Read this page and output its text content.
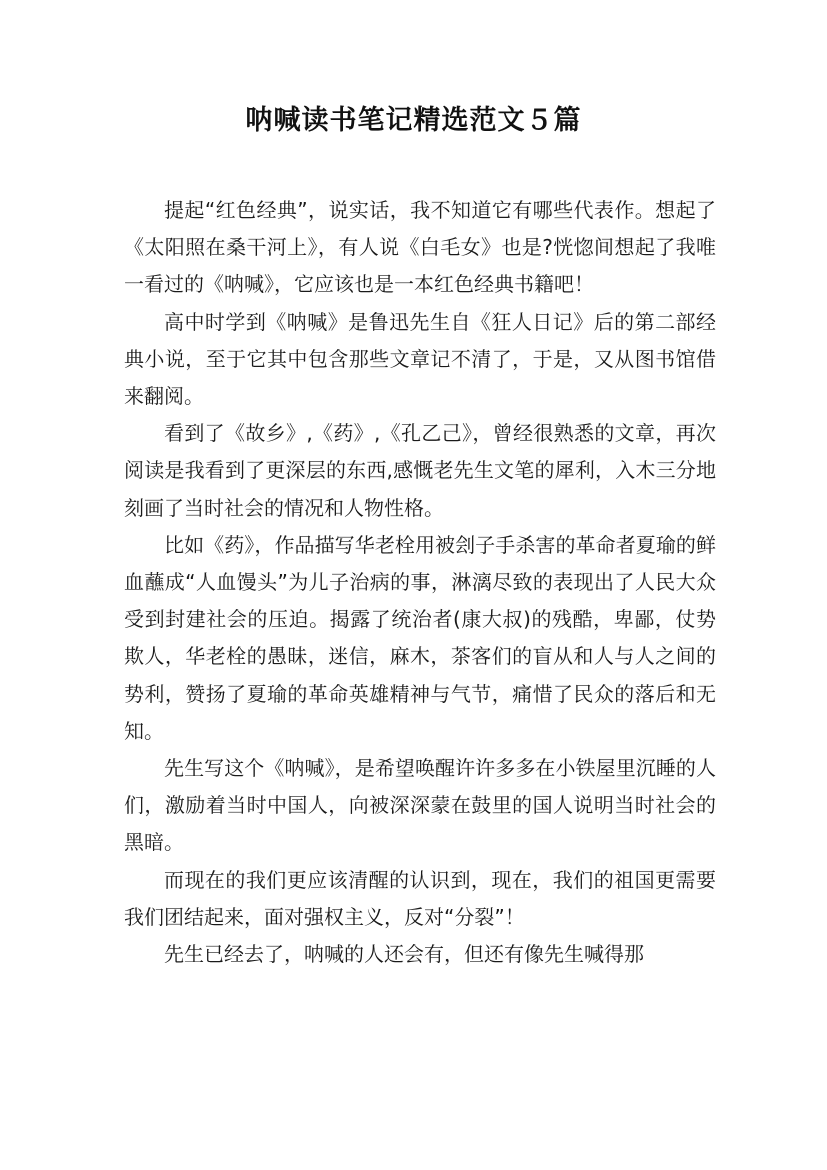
呐喊读书笔记精选范文５篇

提起“红色经典”，说实话，我不知道它有哪些代表作。想起了《太阳照在桑干河上》，有人说《白毛女》也是?恍惚间想起了我唯一看过的《呐喊》，它应该也是一本红色经典书籍吧！

高中时学到《呐喊》是鲁迅先生自《狂人日记》后的第二部经典小说，至于它其中包含那些文章记不清了，于是，又从图书馆借来翻阅。

看到了《故乡》,《药》,《孔乙己》，曾经很熟悉的文章，再次阅读是我看到了更深层的东西,感慨老先生文笔的犀利，入木三分地刻画了当时社会的情况和人物性格。

比如《药》，作品描写华老栓用被刽子手杀害的革命者夏瑜的鲜血蘸成“人血馒头”为儿子治病的事，淋漓尽致的表现出了人民大众受到封建社会的压迫。揭露了统治者(康大叔)的残酷，卑鄙，仗势欺人，华老栓的愚昧，迷信，麻木，茶客们的盲从和人与人之间的势利，赞扬了夏瑜的革命英雄精神与气节，痛惜了民众的落后和无知。

先生写这个《呐喊》，是希望唤醒许许多多在小铁屋里沉睡的人们，激励着当时中国人，向被深深蒙在鼓里的国人说明当时社会的黑暗。

而现在的我们更应该清醒的认识到，现在，我们的祖国更需要我们团结起来，面对强权主义，反对“分裂”！

先生已经去了，呐喊的人还会有，但还有像先生喊得那
